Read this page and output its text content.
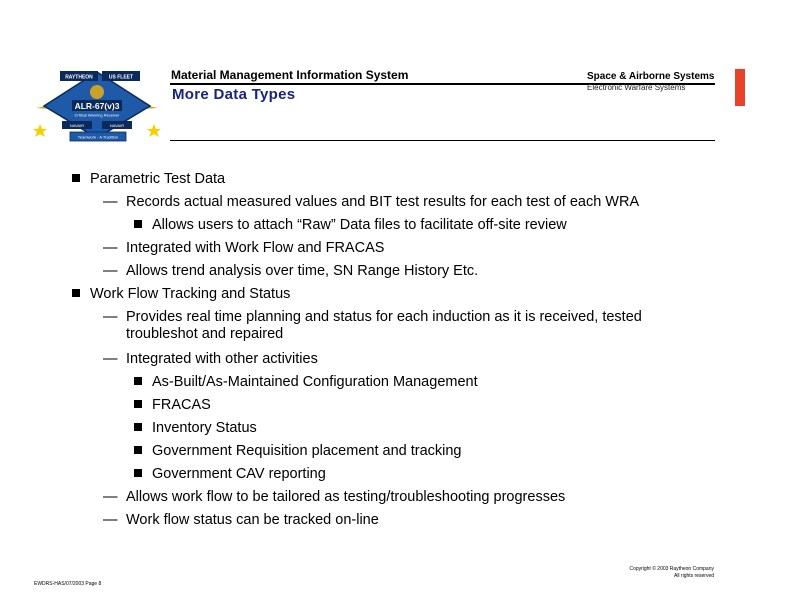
RAYTHEON	US FLEET
ALR-67(v)3
Critical Warning Receiver
NAVAIR	NAVAIR
Teamwork - A Tradition
Material Management Information System
More Data Types
Space & Airborne Systems
Electronic Warfare Systems
Parametric Test Data
— Records actual measured values and BIT test results for each test of each WRA
Allows users to attach “Raw” Data files to facilitate off-site review
— Integrated with Work Flow and FRACAS
— Allows trend analysis over time, SN Range History Etc.
Work Flow Tracking and Status
— Provides real time planning and status for each induction as it is received, tested
troubleshot and repaired
— Integrated with other activities
As-Built/As-Maintained Configuration Management
FRACAS
Inventory Status
Government Requisition placement and tracking
Government CAV reporting
— Allows work flow to be tailored as testing/troubleshooting progresses
— Work flow status can be tracked on-line
Copyright © 2003 Raytheon Company
All rights reserved
EWDRS-HAS/07/2003 Page 8
